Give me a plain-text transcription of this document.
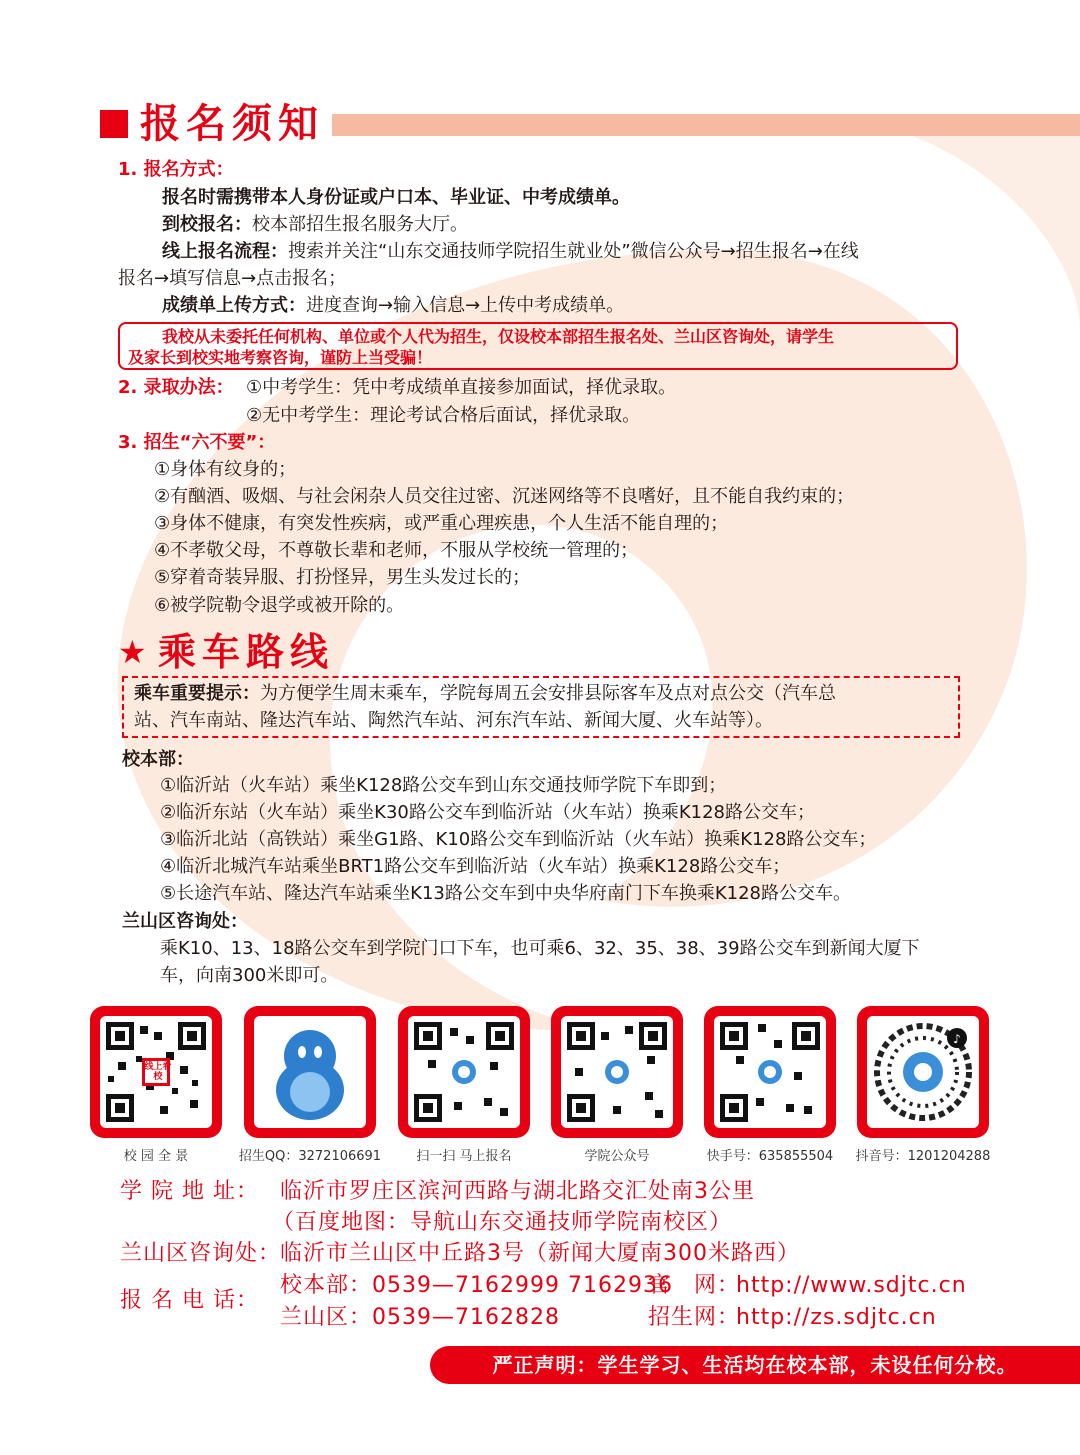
报名须知
1. 报名方式：
报名时需携带本人身份证或户口本、毕业证、中考成绩单。
到校报名：校本部招生报名服务大厅。
线上报名流程：搜索并关注“山东交通技师学院招生就业处”微信公众号→招生报名→在线
报名→填写信息→点击报名；
成绩单上传方式：进度查询→输入信息→上传中考成绩单。
我校从未委托任何机构、单位或个人代为招生，仅设校本部招生报名处、兰山区咨询处，请学生
及家长到校实地考察咨询，谨防上当受骗！
2. 录取办法： ①中考学生：凭中考成绩单直接参加面试，择优录取。
②无中考学生：理论考试合格后面试，择优录取。
3. 招生“六不要”：
①身体有纹身的；
②有酗酒、吸烟、与社会闲杂人员交往过密、沉迷网络等不良嗜好，且不能自我约束的；
③身体不健康，有突发性疾病，或严重心理疾患，个人生活不能自理的；
④不孝敬父母，不尊敬长辈和老师，不服从学校统一管理的；
⑤穿着奇装异服、打扮怪异，男生头发过长的；
⑥被学院勒令退学或被开除的。
★ 乘车路线
乘车重要提示：为方便学生周末乘车，学院每周五会安排县际客车及点对点公交（汽车总
站、汽车南站、隆达汽车站、陶然汽车站、河东汽车站、新闻大厦、火车站等）。
校本部：
①临沂站（火车站）乘坐K128路公交车到山东交通技师学院下车即到；
②临沂东站（火车站）乘坐K30路公交车到临沂站（火车站）换乘K128路公交车；
③临沂北站（高铁站）乘坐G1路、K10路公交车到临沂站（火车站）换乘K128路公交车；
④临沂北城汽车站乘坐BRT1路公交车到临沂站（火车站）换乘K128路公交车；
⑤长途汽车站、隆达汽车站乘坐K13路公交车到中央华府南门下车换乘K128路公交车。
兰山区咨询处：
乘K10、13、18路公交车到学院门口下车，也可乘6、32、35、38、39路公交车到新闻大厦下
车，向南300米即可。
线上看校
♪
校 园 全 景	招生QQ：3272106691	扫一扫 马上报名	学院公众号	快手号：635855504	抖音号：1201204288
学 院 地 址： 临沂市罗庄区滨河西路与湖北路交汇处南3公里
（百度地图：导航山东交通技师学院南校区）
兰山区咨询处：
临沂市兰山区中丘路3号（新闻大厦南300米路西）
报 名 电 话：
校本部：0539—7162999 7162936
兰山区：0539—7162828
官　网：
http://www.sdjtc.cn
招生网：
http://zs.sdjtc.cn
严正声明：学生学习、生活均在校本部，未设任何分校。
